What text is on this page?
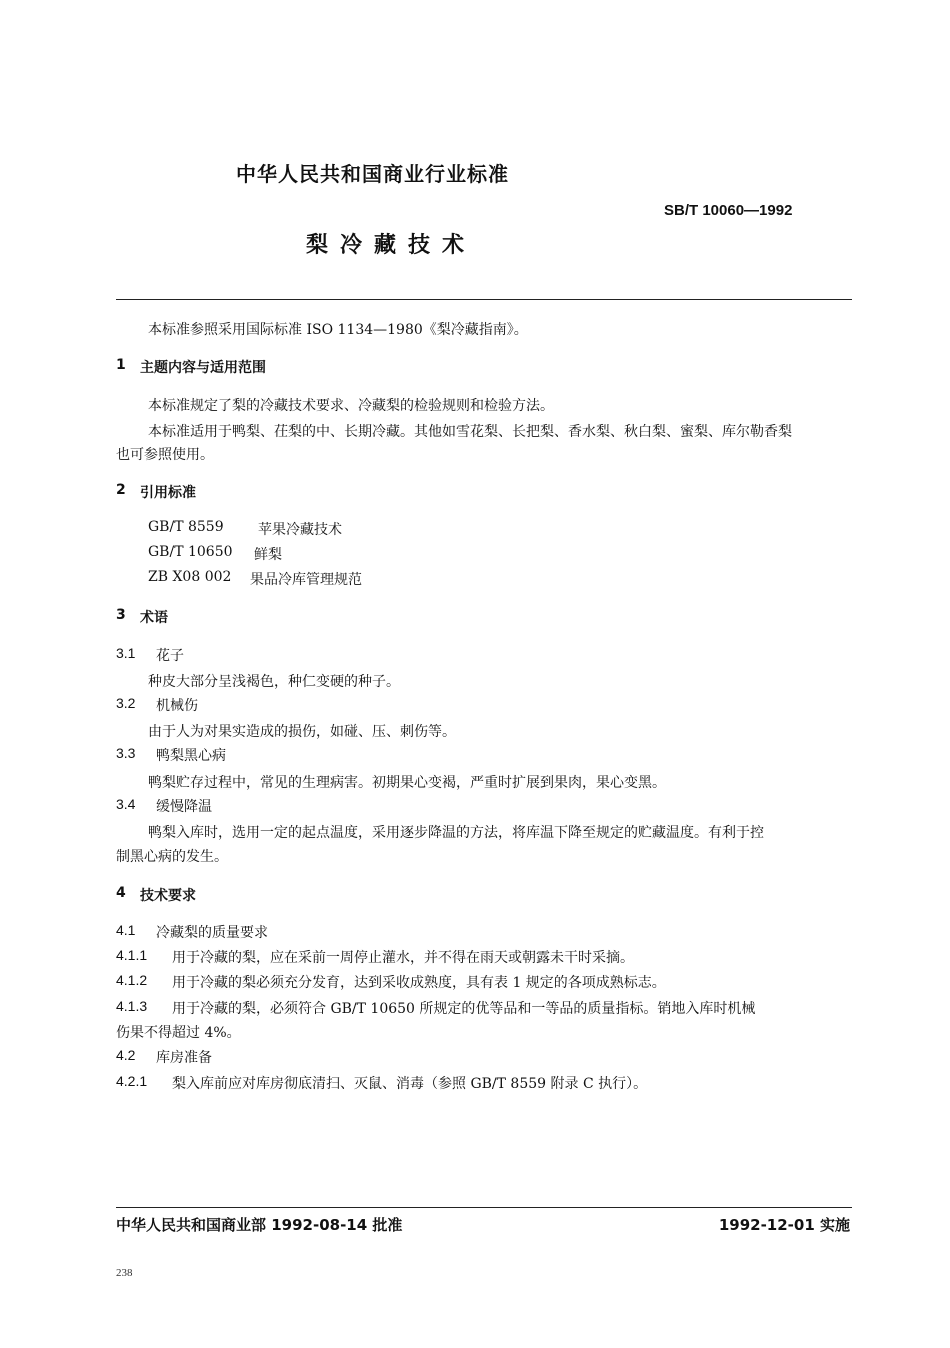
中华人民共和国商业行业标准
SB/T 10060—1992
梨冷藏技术
本标准参照采用国际标准 ISO 1134—1980《梨冷藏指南》。
1 主题内容与适用范围
本标准规定了梨的冷藏技术要求、冷藏梨的检验规则和检验方法。
本标准适用于鸭梨、茌梨的中、长期冷藏。其他如雪花梨、长把梨、香水梨、秋白梨、蜜梨、库尔勒香梨
也可参照使用。
2 引用标准
GB/T 8559 苹果冷藏技术
GB/T 10650 鲜梨
ZB X08 002 果品冷库管理规范
3 术语
3.1 花子
种皮大部分呈浅褐色，种仁变硬的种子。
3.2 机械伤
由于人为对果实造成的损伤，如碰、压、刺伤等。
3.3 鸭梨黑心病
鸭梨贮存过程中，常见的生理病害。初期果心变褐，严重时扩展到果肉，果心变黑。
3.4 缓慢降温
鸭梨入库时，选用一定的起点温度，采用逐步降温的方法，将库温下降至规定的贮藏温度。有利于控
制黑心病的发生。
4 技术要求
4.1 冷藏梨的质量要求
4.1.1 用于冷藏的梨，应在采前一周停止灌水，并不得在雨天或朝露未干时采摘。
4.1.2 用于冷藏的梨必须充分发育，达到采收成熟度，具有表 1 规定的各项成熟标志。
4.1.3 用于冷藏的梨，必须符合 GB/T 10650 所规定的优等品和一等品的质量指标。销地入库时机械
伤果不得超过 4%。
4.2 库房准备
4.2.1 梨入库前应对库房彻底清扫、灭鼠、消毒（参照 GB/T 8559 附录 C 执行）。
中华人民共和国商业部 1992-08-14 批准	1992-12-01 实施
238
